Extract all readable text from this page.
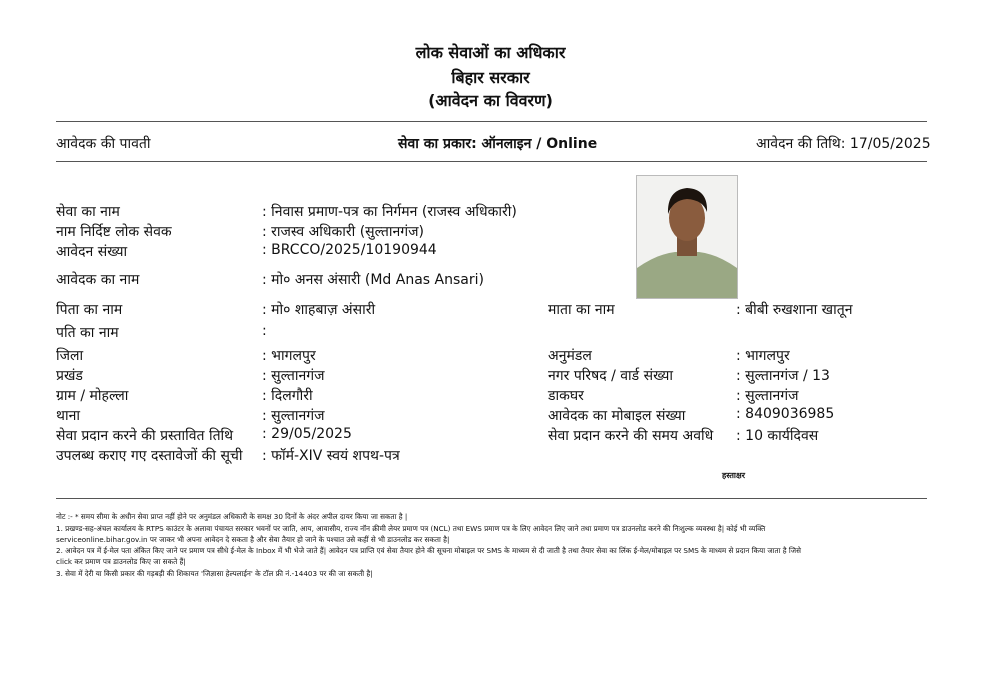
लोक सेवाओं का अधिकार
बिहार सरकार
(आवेदन का विवरण)
आवेदक की पावती	सेवा का प्रकार: ऑनलाइन / Online	आवेदन की तिथि: 17/05/2025
सेवा का नाम	: निवास प्रमाण-पत्र का निर्गमन (राजस्व अधिकारी)
नाम निर्दिष्ट लोक सेवक	: राजस्व अधिकारी (सुल्तानगंज)
आवेदन संख्या	: BRCCO/2025/10190944
आवेदक का नाम	: मो० अनस अंसारी (Md Anas Ansari)
पिता का नाम	: मो० शाहबाज़ अंसारी	माता का नाम	: बीबी रुखशाना खातून
पति का नाम	:
जिला	: भागलपुर	अनुमंडल	: भागलपुर
प्रखंड	: सुल्तानगंज	नगर परिषद / वार्ड संख्या	: सुल्तानगंज / 13
ग्राम / मोहल्ला	: दिलगौरी	डाकघर	: सुल्तानगंज
थाना	: सुल्तानगंज	आवेदक का मोबाइल संख्या	: 8409036985
सेवा प्रदान करने की प्रस्तावित तिथि : 29/05/2025	सेवा प्रदान करने की समय अवधि : 10 कार्यदिवस
उपलब्ध कराए गए दस्तावेजों की सूची : फॉर्म-XIV स्वयं शपथ-पत्र
हस्ताक्षर
नोट :- * समय सीमा के अधीन सेवा प्राप्त नहीं होने पर अनुमंडल अधिकारी के समक्ष 30 दिनों के अंदर अपील दायर किया जा सकता है |
1. प्रखण्ड-सह-अंचल कार्यालय के RTPS काउंटर के अलावा पंचायत सरकार भवनों पर जाति, आय, आवासीय, राज्य नॉन क्रीमी लेयर प्रमाण पत्र (NCL) तथा EWS प्रमाण पत्र के लिए आवेदन लिए जाने तथा प्रमाण पत्र डाउनलोड करने की निःशुल्क व्यवस्था है| कोई भी व्यक्ति
serviceonline.bihar.gov.in पर जाकर भी अपना आवेदन दे सकता है और सेवा तैयार हो जाने के पश्चात उसे कहीं से भी डाउनलोड कर सकता है|
2. आवेदन पत्र में ई-मेल पता अंकित किए जाने पर प्रमाण पत्र सीधे ई-मेल के Inbox में भी भेजे जाते हैं| आवेदन पत्र प्राप्ति एवं सेवा तैयार होने की सूचना मोबाइल पर SMS के माध्यम से दी जाती है तथा तैयार सेवा का लिंक ई-मेल/मोबाइल पर SMS के माध्यम से प्रदान किया जाता है जिसे
click कर प्रमाण पत्र डाउनलोड किए जा सकते हैं|
3. सेवा में देरी या किसी प्रकार की गड़बड़ी की शिकायत 'जिज्ञासा हेल्पलाईन' के टॉल फ्री नं.-14403 पर की जा सकती है|
